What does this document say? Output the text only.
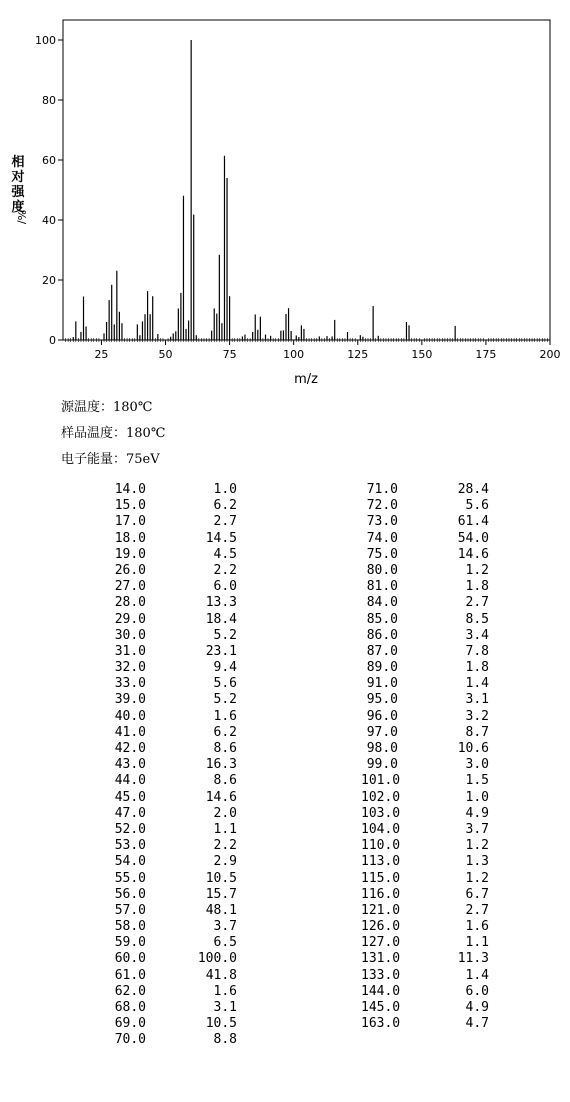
0
20
40
60
80
100
25	50	75	100	125	150	175	200
相
对
强
度
%/
m/z
源温度：180℃
样品温度：180℃
电子能量：75eV
14.0	1.0
15.0	6.2
17.0	2.7
18.0	14.5
19.0	4.5
26.0	2.2
27.0	6.0
28.0	13.3
29.0	18.4
30.0	5.2
31.0	23.1
32.0	9.4
33.0	5.6
39.0	5.2
40.0	1.6
41.0	6.2
42.0	8.6
43.0	16.3
44.0	8.6
45.0	14.6
47.0	2.0
52.0	1.1
53.0	2.2
54.0	2.9
55.0	10.5
56.0	15.7
57.0	48.1
58.0	3.7
59.0	6.5
60.0	100.0
61.0	41.8
62.0	1.6
68.0	3.1
69.0	10.5
70.0	8.8
71.0	28.4
72.0	5.6
73.0	61.4
74.0	54.0
75.0	14.6
80.0	1.2
81.0	1.8
84.0	2.7
85.0	8.5
86.0	3.4
87.0	7.8
89.0	1.8
91.0	1.4
95.0	3.1
96.0	3.2
97.0	8.7
98.0	10.6
99.0	3.0
101.0	1.5
102.0	1.0
103.0	4.9
104.0	3.7
110.0	1.2
113.0	1.3
115.0	1.2
116.0	6.7
121.0	2.7
126.0	1.6
127.0	1.1
131.0	11.3
133.0	1.4
144.0	6.0
145.0	4.9
163.0	4.7
